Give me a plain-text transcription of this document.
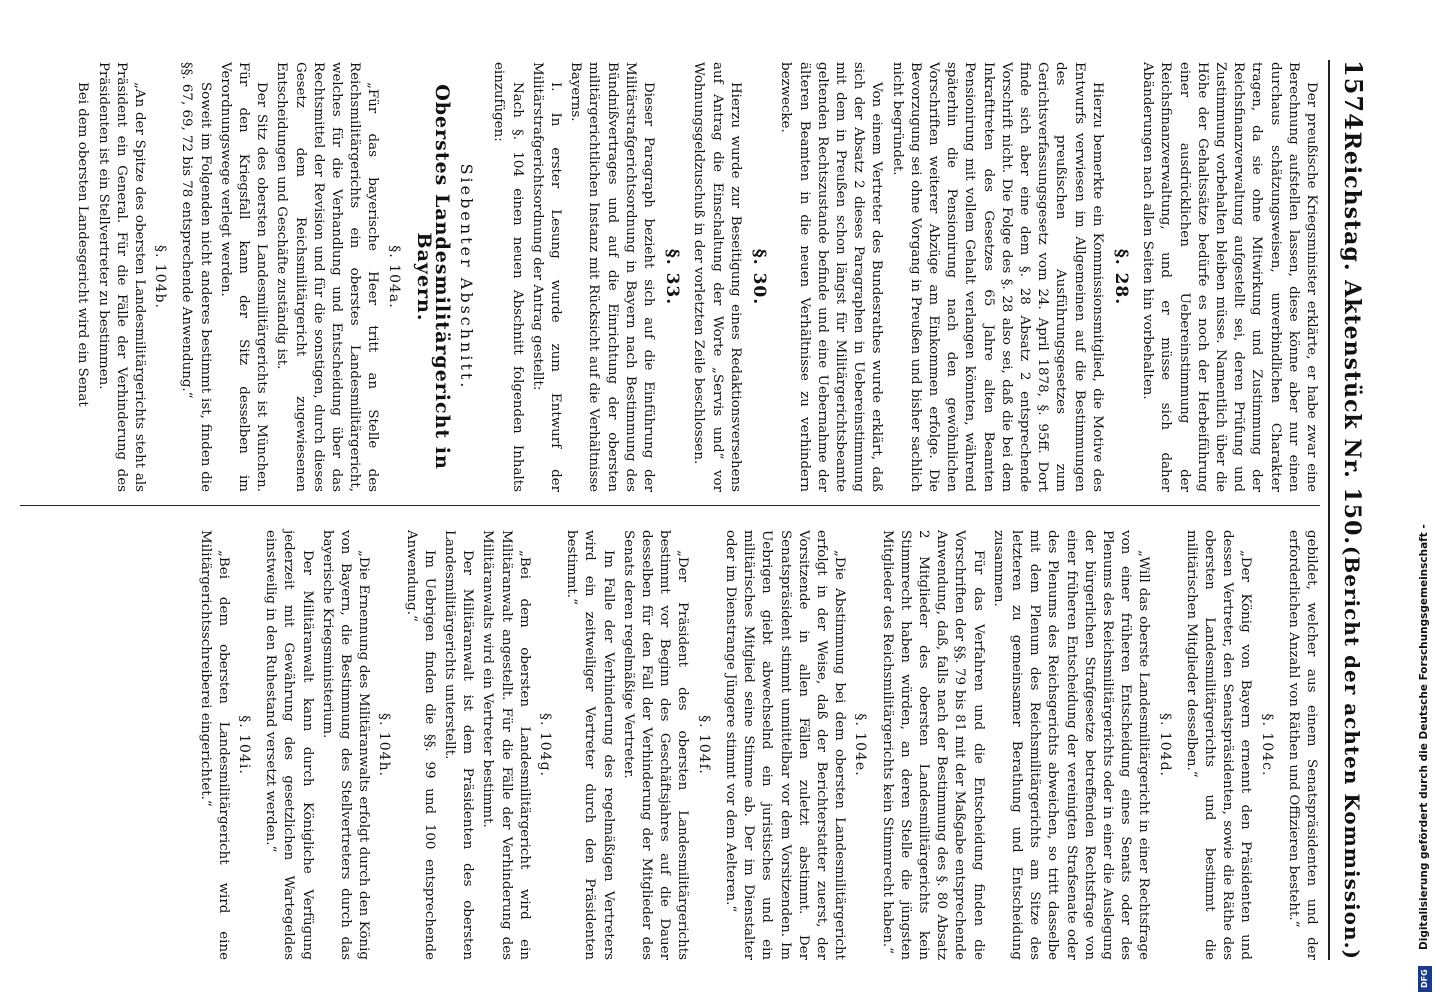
1574
Reichstag. Aktenstück Nr. 150.
(Bericht der achten Kommission.)

Der preußische Kriegsminister erklärte, er habe zwar eine Berechnung aufstellen lassen, diese könne aber nur einen durchaus schätzungsweisen, unverbindlichen Charakter tragen, da sie ohne Mitwirkung und Zustimmung der Reichsfinanzverwaltung aufgestellt sei, deren Prüfung und Zustimmung vorbehalten bleiben müsse. Namentlich über die Höhe der Gehaltssätze bedürfe es noch der Herbeiführung einer ausdrücklichen Uebereinstimmung der Reichsfinanzverwaltung, und er müsse sich daher Abänderungen nach allen Seiten hin vorbehalten.

§. 28.

Hierzu bemerkte ein Kommissionsmitglied, die Motive des Entwurfs verwiesen im Allgemeinen auf die Bestimmungen des preußischen Ausführungsgesetzes zum Gerichtsverfassungsgesetz vom 24. April 1878, §. 95ff. Dort finde sich aber eine dem §. 28 Absatz 2 entsprechende Vorschrift nicht. Die Folge des §. 28 also sei, daß die bei dem Inkrafttreten des Gesetzes 65 Jahre alten Beamten Pensionirung mit vollem Gehalt verlangen könnten, während späterhin die Pensionirung nach den gewöhnlichen Vorschriften weiterer Abzüge am Einkommen erfolge. Die Bevorzugung sei ohne Vorgang in Preußen und bisher sachlich nicht begründet.

Von einem Vertreter des Bundesrathes wurde erklärt, daß sich der Absatz 2 dieses Paragraphen in Uebereinstimmung mit dem in Preußen schon längst für Militärgerichtsbeamte geltenden Rechtszustande befinde und eine Uebernahme der älteren Beamten in die neuen Verhältnisse zu verhindern bezwecke.

§. 30.

Hierzu wurde zur Beseitigung eines Redaktionsversehens auf Antrag die Einschaltung der Worte „Servis und“ vor Wohnungsgeldzuschuß in der vorletzten Zeile beschlossen.

§. 33.

Dieser Paragraph bezieht sich auf die Einführung der Militärstrafgerichtsordnung in Bayern nach Bestimmung des Bündnißvertrages und auf die Einrichtung der obersten militärgerichtlichen Instanz mit Rücksicht auf die Verhältnisse Bayerns.

I. In erster Lesung wurde zum Entwurf der Militärstrafgerichtsordnung der Antrag gestellt:

Nach §. 104 einen neuen Abschnitt folgenden Inhalts einzufügen:

Siebenter Abschnitt.
Oberstes Landesmilitärgericht in Bayern.
§. 104a.

„Für das bayerische Heer tritt an Stelle des Reichsmilitärgerichts ein oberstes Landesmilitärgericht, welches für die Verhandlung und Entscheidung über das Rechtsmittel der Revision und für die sonstigen, durch dieses Gesetz dem Reichsmilitärgericht zugewiesenen Entscheidungen und Geschäfte zuständig ist.

Der Sitz des obersten Landesmilitärgerichts ist München. Für den Kriegsfall kann der Sitz desselben im Verordnungswege verlegt werden.

Soweit im Folgenden nicht anderes bestimmt ist, finden die §§. 67, 69, 72 bis 78 entsprechende Anwendung.“

§. 104b.

„An der Spitze des obersten Landesmilitärgerichts steht als Präsident ein General. Für die Fälle der Verhinderung des Präsidenten ist ein Stellvertreter zu bestimmen.

Bei dem obersten Landesgericht wird ein Senat

gebildet, welcher aus einem Senatspräsidenten und der erforderlichen Anzahl von Räthen und Offizieren besteht.“

§. 104c.

„Der König von Bayern ernennt den Präsidenten und dessen Vertreter, den Senatspräsidenten, sowie die Räthe des obersten Landesmilitärgerichts und bestimmt die militärischen Mitglieder desselben.“

§. 104d.

„Will das oberste Landesmilitärgericht in einer Rechtsfrage von einer früheren Entscheidung eines Senats oder des Plenums des Reichsmilitärgerichts oder in einer die Auslegung der bürgerlichen Strafgesetze betreffenden Rechtsfrage von einer früheren Entscheidung der vereinigten Strafsenate oder des Plenums des Reichsgerichts abweichen, so tritt dasselbe mit dem Plenum des Reichsmilitärgerichts am Sitze des letzteren zu gemeinsamer Berathung und Entscheidung zusammen.

Für das Verfahren und die Entscheidung finden die Vorschriften der §§. 79 bis 81 mit der Maßgabe entsprechende Anwendung, daß, falls nach der Bestimmung des §. 80 Absatz 2 Mitglieder des obersten Landesmilitärgerichts kein Stimmrecht haben würden, an deren Stelle die jüngsten Mitglieder des Reichsmilitärgerichts kein Stimmrecht haben.“

§. 104e.

„Die Abstimmung bei dem obersten Landesmilitärgericht erfolgt in der Weise, daß der Berichterstatter zuerst, der Vorsitzende in allen Fällen zuletzt abstimmt. Der Senatspräsident stimmt unmittelbar vor dem Vorsitzenden. Im Uebrigen giebt abwechselnd ein juristisches und ein militärisches Mitglied seine Stimme ab. Der im Dienstalter oder im Dienstrange Jüngere stimmt vor dem Aelteren.“

§. 104f.

„Der Präsident des obersten Landesmilitärgerichts bestimmt vor Beginn des Geschäftsjahres auf die Dauer desselben für den Fall der Verhinderung der Mitglieder des Senats deren regelmäßige Vertreter.

Im Falle der Verhinderung des regelmäßigen Vertreters wird ein zeitweiliger Vertreter durch den Präsidenten bestimmt.“

§. 104g.

„Bei dem obersten Landesmilitärgericht wird ein Militäranwalt angestellt. Für die Fälle der Verhinderung des Militäranwalts wird ein Vertreter bestimmt.

Der Militäranwalt ist dem Präsidenten des obersten Landesmilitärgerichts unterstellt.

Im Uebrigen finden die §§. 99 und 100 entsprechende Anwendung.“

§. 104h.

„Die Ernennung des Militäranwalts erfolgt durch den König von Bayern, die Bestimmung des Stellvertreters durch das bayerische Kriegsministerium.

Der Militäranwalt kann durch Königliche Verfügung jederzeit mit Gewährung des gesetzlichen Wartegeldes einstweilig in den Ruhestand versetzt werden.“

§. 104i.

„Bei dem obersten Landesmilitärgericht wird eine Militärgerichtsschreiberei eingerichtet.“	Digitalisierung gefördert durch die Deutsche Forschungsgemeinschaft -
DFG
